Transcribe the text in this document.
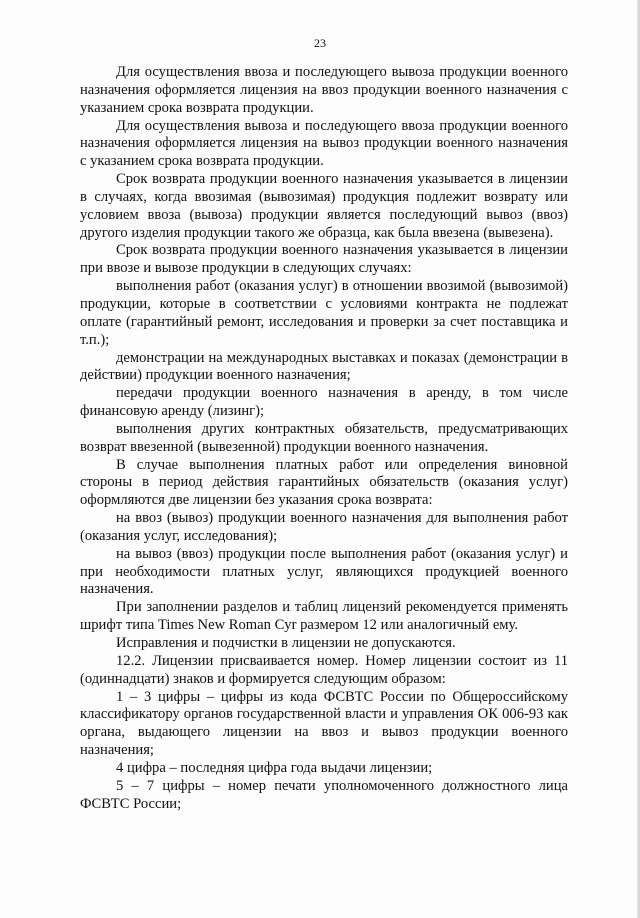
23

Для осуществления ввоза и последующего вывоза продукции военного назначения оформляется лицензия на ввоз продукции военного назначения с указанием срока возврата продукции.

Для осуществления вывоза и последующего ввоза продукции военного назначения оформляется лицензия на вывоз продукции военного назначения с указанием срока возврата продукции.

Срок возврата продукции военного назначения указывается в лицензии в случаях, когда ввозимая (вывозимая) продукция подлежит возврату или условием ввоза (вывоза) продукции является последующий вывоз (ввоз) другого изделия продукции такого же образца, как была ввезена (вывезена).

Срок возврата продукции военного назначения указывается в лицензии при ввозе и вывозе продукции в следующих случаях:

выполнения работ (оказания услуг) в отношении ввозимой (вывозимой) продукции, которые в соответствии с условиями контракта не подлежат оплате (гарантийный ремонт, исследования и проверки за счет поставщика и т.п.);

демонстрации на международных выставках и показах (демонстрации в действии) продукции военного назначения;

передачи продукции военного назначения в аренду, в том числе финансовую аренду (лизинг);

выполнения других контрактных обязательств, предусматривающих возврат ввезенной (вывезенной) продукции военного назначения.

В случае выполнения платных работ или определения виновной стороны в период действия гарантийных обязательств (оказания услуг) оформляются две лицензии без указания срока возврата:

на ввоз (вывоз) продукции военного назначения для выполнения работ (оказания услуг, исследования);

на вывоз (ввоз) продукции после выполнения работ (оказания услуг) и при необходимости платных услуг, являющихся продукцией военного назначения.

При заполнении разделов и таблиц лицензий рекомендуется применять шрифт типа Times New Roman Cyr размером 12 или аналогичный ему.

Исправления и подчистки в лицензии не допускаются.

12.2. Лицензии присваивается номер. Номер лицензии состоит из 11 (одиннадцати) знаков и формируется следующим образом:

1 – 3 цифры – цифры из кода ФСВТС России по Общероссийскому классификатору органов государственной власти и управления ОК 006-93 как органа, выдающего лицензии на ввоз и вывоз продукции военного назначения;

4 цифра – последняя цифра года выдачи лицензии;

5 – 7 цифры – номер печати уполномоченного должностного лица ФСВТС России;
